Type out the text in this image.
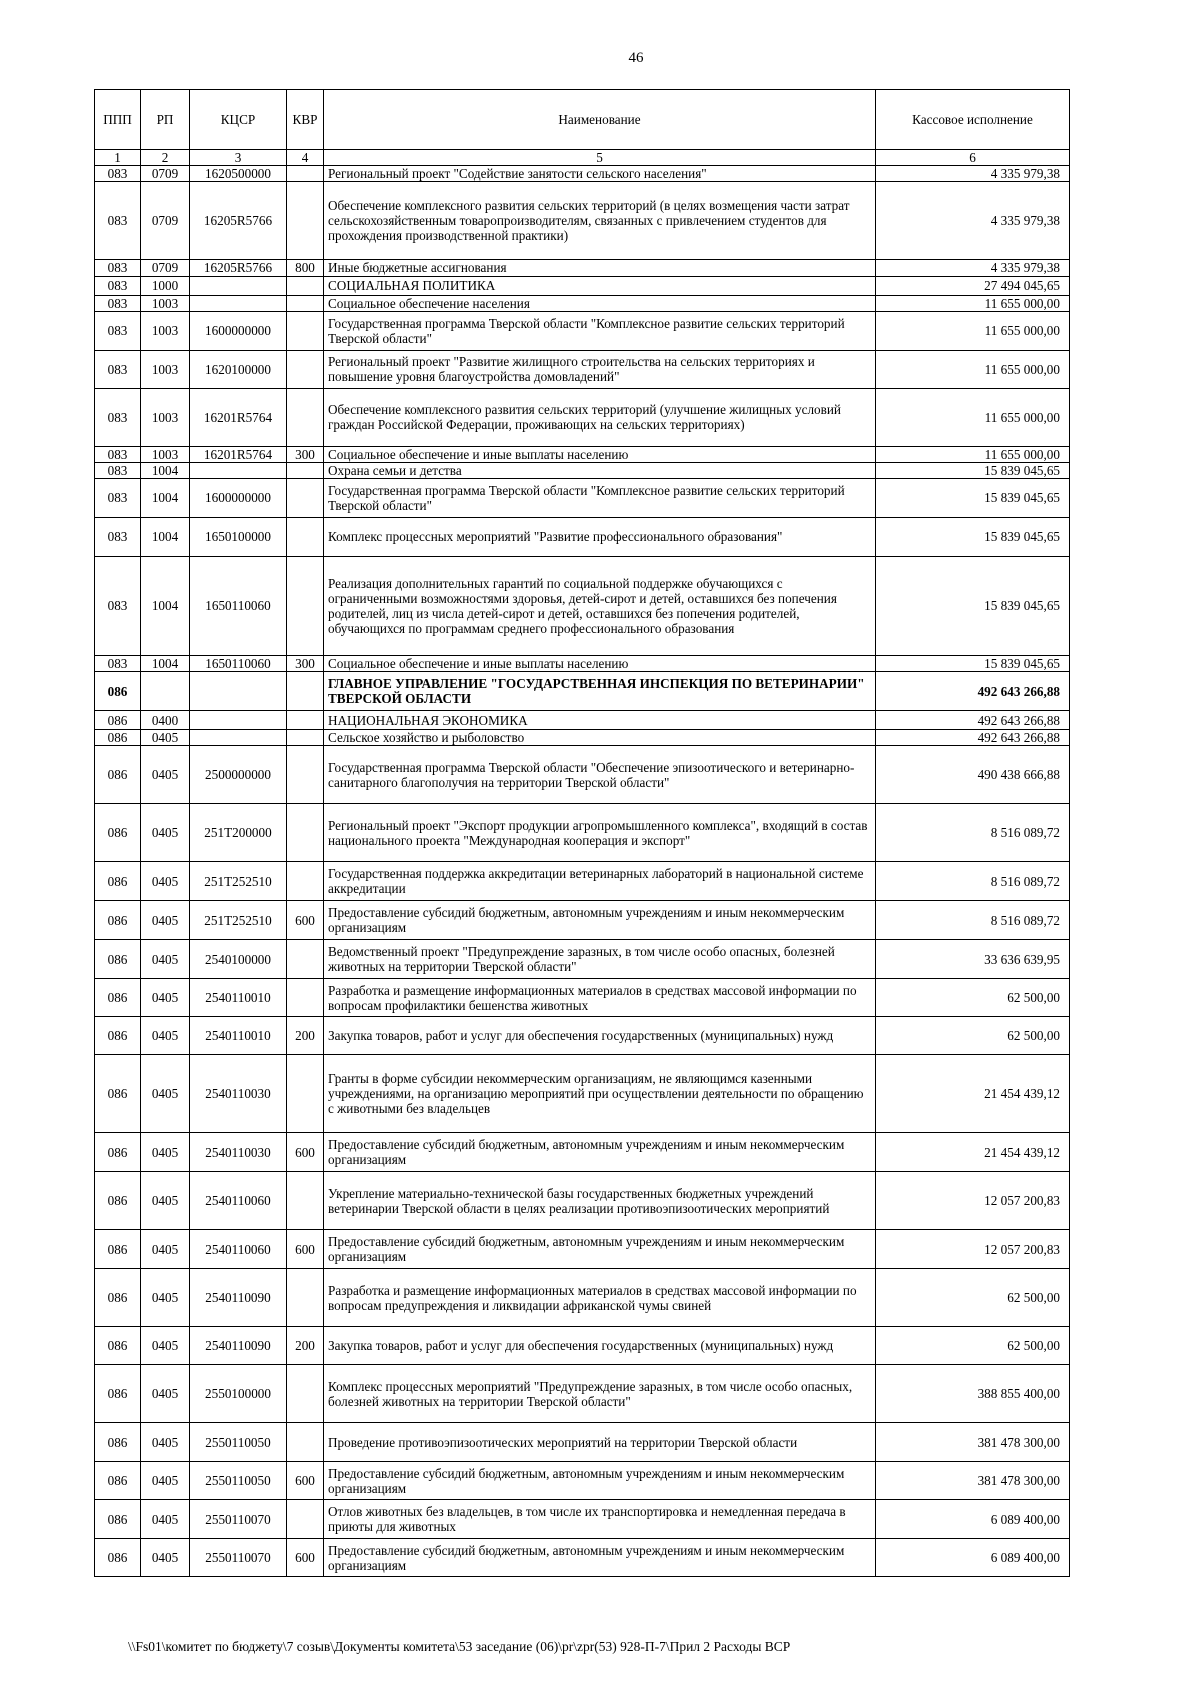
46
ППП	РП	КЦСР	КВР	Наименование	Кассовое исполнение
1	2	3	4	5	6
083	0709	1620500000		Региональный проект "Содействие занятости сельского населения"	4 335 979,38
083	0709	16205R5766		Обеспечение комплексного развития сельских территорий (в целях возмещения части затрат сельскохозяйственным товаропроизводителям, связанных с привлечением студентов для прохождения производственной практики)	4 335 979,38
083	0709	16205R5766	800	Иные бюджетные ассигнования	4 335 979,38
083	1000			СОЦИАЛЬНАЯ ПОЛИТИКА	27 494 045,65
083	1003			Социальное обеспечение населения	11 655 000,00
083	1003	1600000000		Государственная программа Тверской области "Комплексное развитие сельских территорий Тверской области"	11 655 000,00
083	1003	1620100000		Региональный проект "Развитие жилищного строительства на сельских территориях и повышение уровня благоустройства домовладений"	11 655 000,00
083	1003	16201R5764		Обеспечение комплексного развития сельских территорий (улучшение жилищных условий граждан Российской Федерации, проживающих на сельских территориях)	11 655 000,00
083	1003	16201R5764	300	Социальное обеспечение и иные выплаты населению	11 655 000,00
083	1004			Охрана семьи и детства	15 839 045,65
083	1004	1600000000		Государственная программа Тверской области "Комплексное развитие сельских территорий Тверской области"	15 839 045,65
083	1004	1650100000		Комплекс процессных мероприятий "Развитие профессионального образования"	15 839 045,65
083	1004	1650110060		Реализация дополнительных гарантий по социальной поддержке обучающихся с ограниченными возможностями здоровья, детей-сирот и детей, оставшихся без попечения родителей, лиц из числа детей-сирот и детей, оставшихся без попечения родителей, обучающихся по программам среднего профессионального образования	15 839 045,65
083	1004	1650110060	300	Социальное обеспечение и иные выплаты населению	15 839 045,65
086				ГЛАВНОЕ УПРАВЛЕНИЕ "ГОСУДАРСТВЕННАЯ ИНСПЕКЦИЯ ПО ВЕТЕРИНАРИИ" ТВЕРСКОЙ ОБЛАСТИ	492 643 266,88
086	0400			НАЦИОНАЛЬНАЯ ЭКОНОМИКА	492 643 266,88
086	0405			Сельское хозяйство и рыболовство	492 643 266,88
086	0405	2500000000		Государственная программа Тверской области "Обеспечение эпизоотического и ветеринарно-санитарного благополучия на территории Тверской области"	490 438 666,88
086	0405	251T200000		Региональный проект "Экспорт продукции агропромышленного комплекса", входящий в состав национального проекта "Международная кооперация и экспорт"	8 516 089,72
086	0405	251T252510		Государственная поддержка аккредитации ветеринарных лабораторий в национальной системе аккредитации	8 516 089,72
086	0405	251T252510	600	Предоставление субсидий бюджетным, автономным учреждениям и иным некоммерческим организациям	8 516 089,72
086	0405	2540100000		Ведомственный проект "Предупреждение заразных, в том числе особо опасных, болезней животных на территории Тверской области"	33 636 639,95
086	0405	2540110010		Разработка и размещение информационных материалов в средствах массовой информации по вопросам профилактики бешенства животных	62 500,00
086	0405	2540110010	200	Закупка товаров, работ и услуг для обеспечения государственных (муниципальных) нужд	62 500,00
086	0405	2540110030		Гранты в форме субсидии некоммерческим организациям, не являющимся казенными учреждениями, на организацию мероприятий при осуществлении деятельности по обращению с животными без владельцев	21 454 439,12
086	0405	2540110030	600	Предоставление субсидий бюджетным, автономным учреждениям и иным некоммерческим организациям	21 454 439,12
086	0405	2540110060		Укрепление материально-технической базы государственных бюджетных учреждений ветеринарии Тверской области в целях реализации противоэпизоотических мероприятий	12 057 200,83
086	0405	2540110060	600	Предоставление субсидий бюджетным, автономным учреждениям и иным некоммерческим организациям	12 057 200,83
086	0405	2540110090		Разработка и размещение информационных материалов в средствах массовой информации по вопросам предупреждения и ликвидации африканской чумы свиней	62 500,00
086	0405	2540110090	200	Закупка товаров, работ и услуг для обеспечения государственных (муниципальных) нужд	62 500,00
086	0405	2550100000		Комплекс процессных мероприятий "Предупреждение заразных, в том числе особо опасных, болезней животных на территории Тверской области"	388 855 400,00
086	0405	2550110050		Проведение противоэпизоотических мероприятий на территории Тверской области	381 478 300,00
086	0405	2550110050	600	Предоставление субсидий бюджетным, автономным учреждениям и иным некоммерческим организациям	381 478 300,00
086	0405	2550110070		Отлов животных без владельцев, в том числе их транспортировка и немедленная передача в приюты для животных	6 089 400,00
086	0405	2550110070	600	Предоставление субсидий бюджетным, автономным учреждениям и иным некоммерческим организациям	6 089 400,00
\\Fs01\комитет по бюджету\7 созыв\Документы комитета\53 заседание (06)\pr\zpr(53) 928-П-7\Прил 2 Расходы ВСР
